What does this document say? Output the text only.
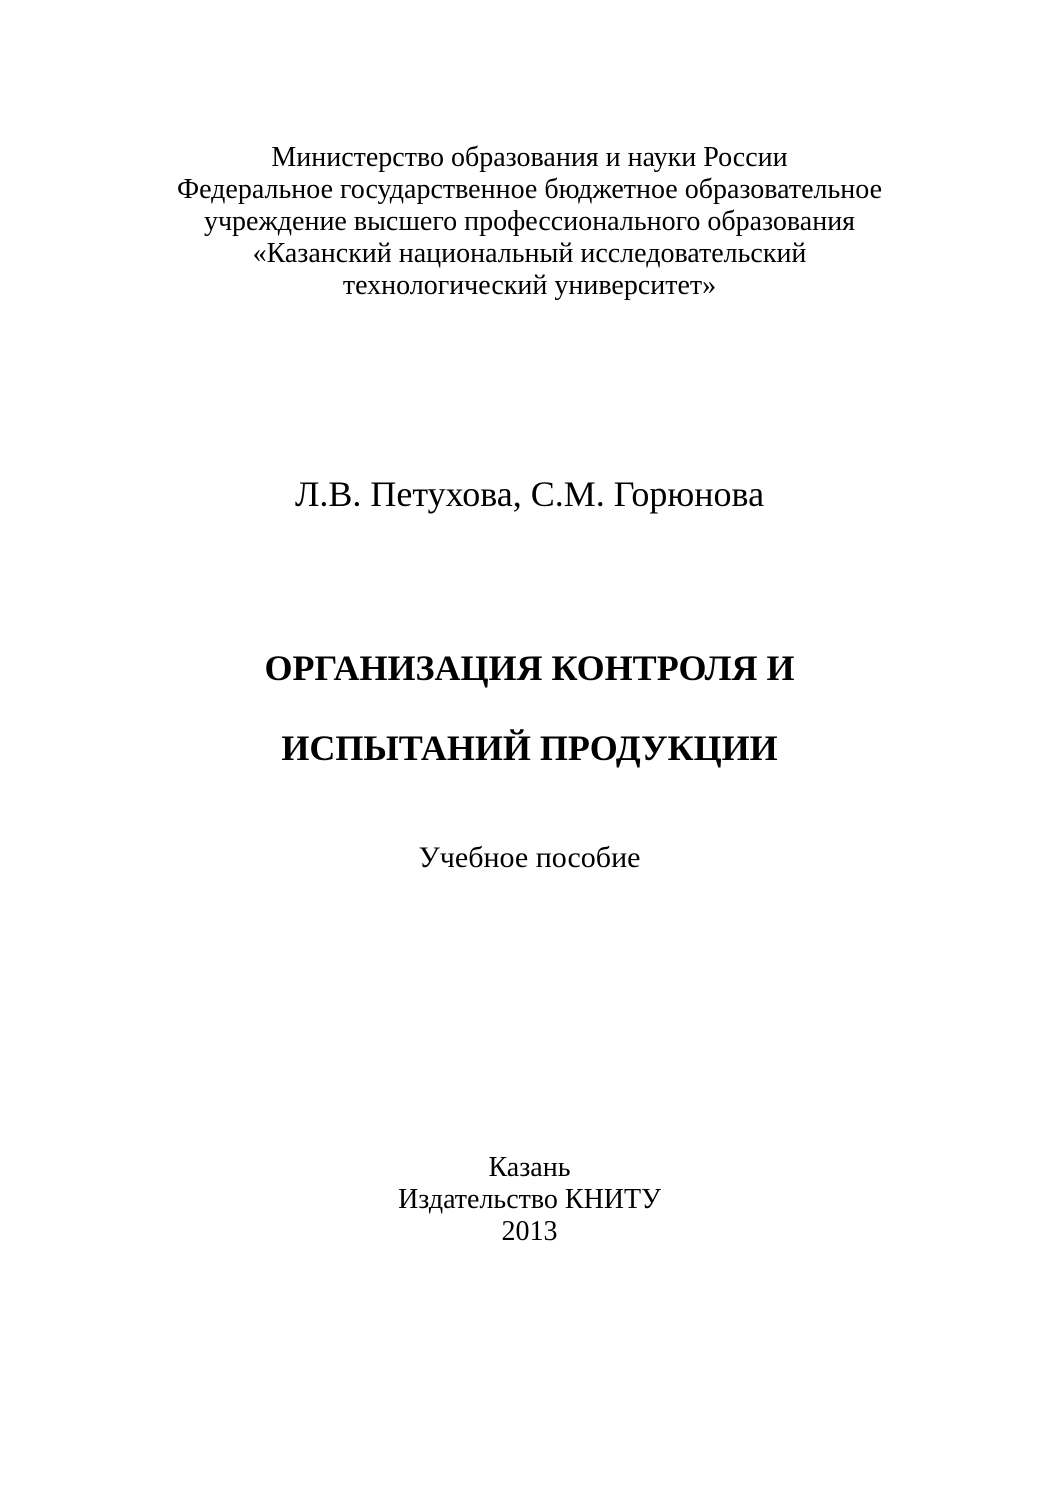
Министерство образования и науки России
Федеральное государственное бюджетное образовательное
учреждение высшего профессионального образования
«Казанский национальный исследовательский
технологический университет»
Л.В. Петухова, С.М. Горюнова
ОРГАНИЗАЦИЯ КОНТРОЛЯ И
ИСПЫТАНИЙ ПРОДУКЦИИ
Учебное пособие
Казань
Издательство КНИТУ
2013
